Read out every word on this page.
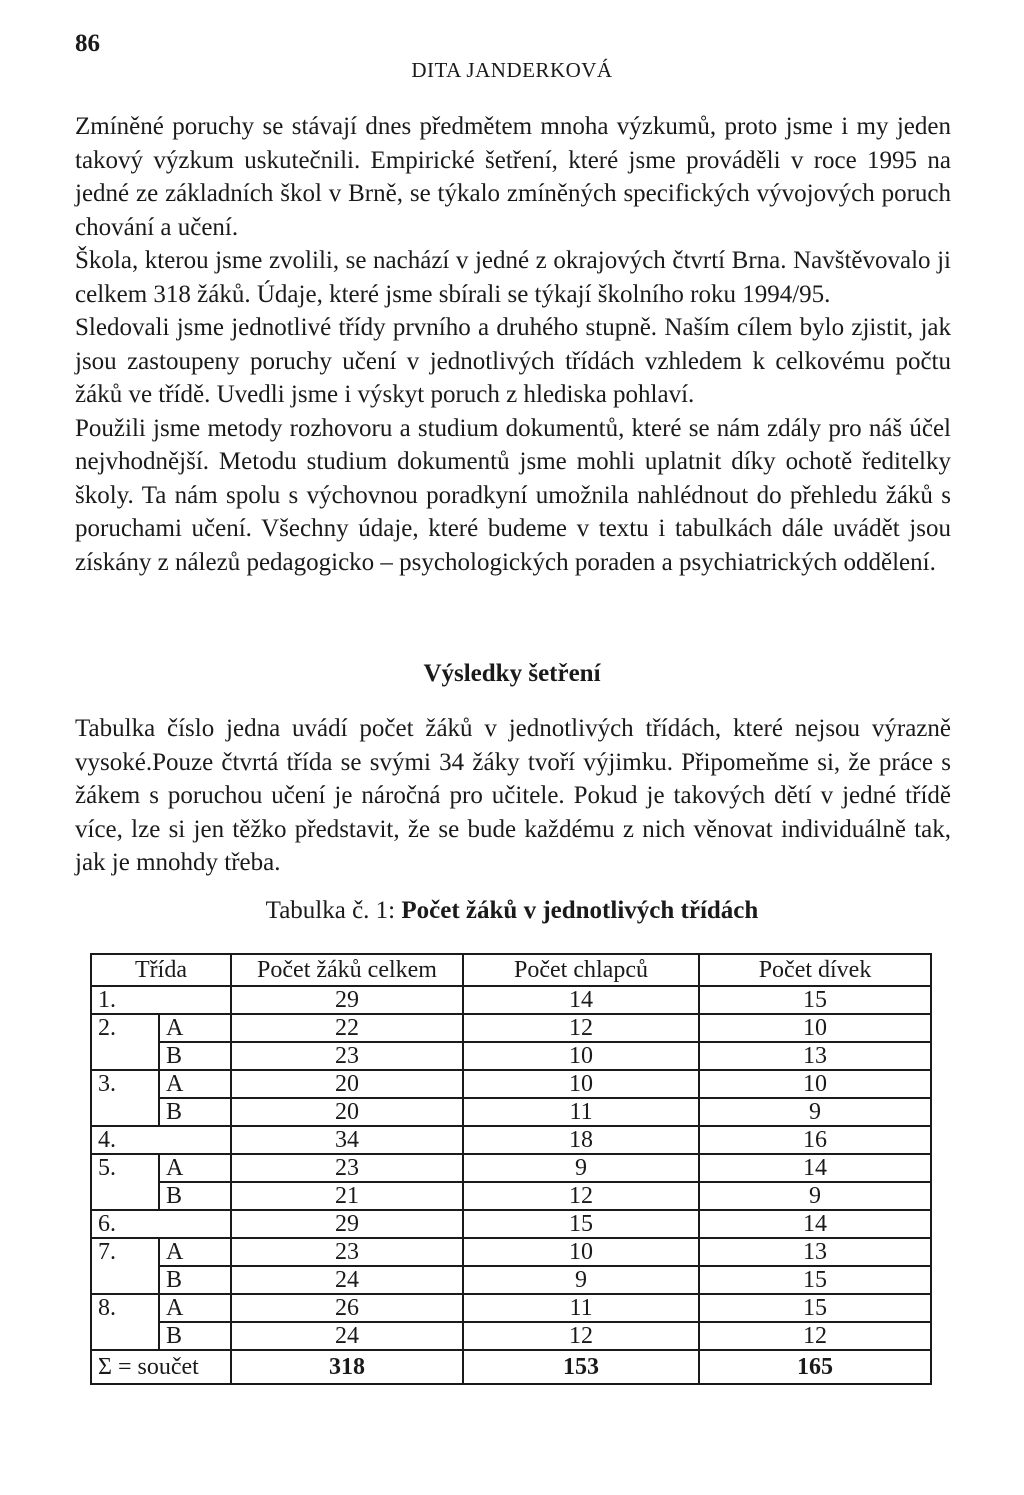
86
DITA JANDERKOVÁ

Zmíněné poruchy se stávají dnes předmětem mnoha výzkumů, proto jsme i my jeden takový výzkum uskutečnili. Empirické šetření, které jsme prováděli v roce 1995 na jedné ze základních škol v Brně, se týkalo zmíněných specifických vývojových poruch chování a učení.

Škola, kterou jsme zvolili, se nachází v jedné z okrajových čtvrtí Brna. Navštěvovalo ji celkem 318 žáků. Údaje, které jsme sbírali se týkají školního roku 1994/95.

Sledovali jsme jednotlivé třídy prvního a druhého stupně. Naším cílem bylo zjistit, jak jsou zastoupeny poruchy učení v jednotlivých třídách vzhledem k celkovému počtu žáků ve třídě. Uvedli jsme i výskyt poruch z hlediska pohlaví.

Použili jsme metody rozhovoru a studium dokumentů, které se nám zdály pro náš účel nejvhodnější. Metodu studium dokumentů jsme mohli uplatnit díky ochotě ředitelky školy. Ta nám spolu s výchovnou poradkyní umožnila nahlédnout do přehledu žáků s poruchami učení. Všechny údaje, které budeme v textu i tabulkách dále uvádět jsou získány z nálezů pedagogicko – psychologických poraden a psychiatrických oddělení.

Výsledky šetření

Tabulka číslo jedna uvádí počet žáků v jednotlivých třídách, které nejsou výrazně vysoké.Pouze čtvrtá třída se svými 34 žáky tvoří výjimku. Připomeňme si, že práce s žákem s poruchou učení je náročná pro učitele. Pokud je takových dětí v jedné třídě více, lze si jen těžko představit, že se bude každému z nich věnovat individuálně tak, jak je mnohdy třeba.

Tabulka č. 1: Počet žáků v jednotlivých třídách
Třída		Počet žáků celkem	Počet chlapců	Počet dívek
1.		29	14	15
2.	A	22	12	10
	B	23	10	13
3.	A	20	10	10
	B	20	11	9
4.		34	18	16
5.	A	23	9	14
	B	21	12	9
6.		29	15	14
7.	A	23	10	13
	B	24	9	15
8.	A	26	11	15
	B	24	12	12
Σ = součet		318	153	165
